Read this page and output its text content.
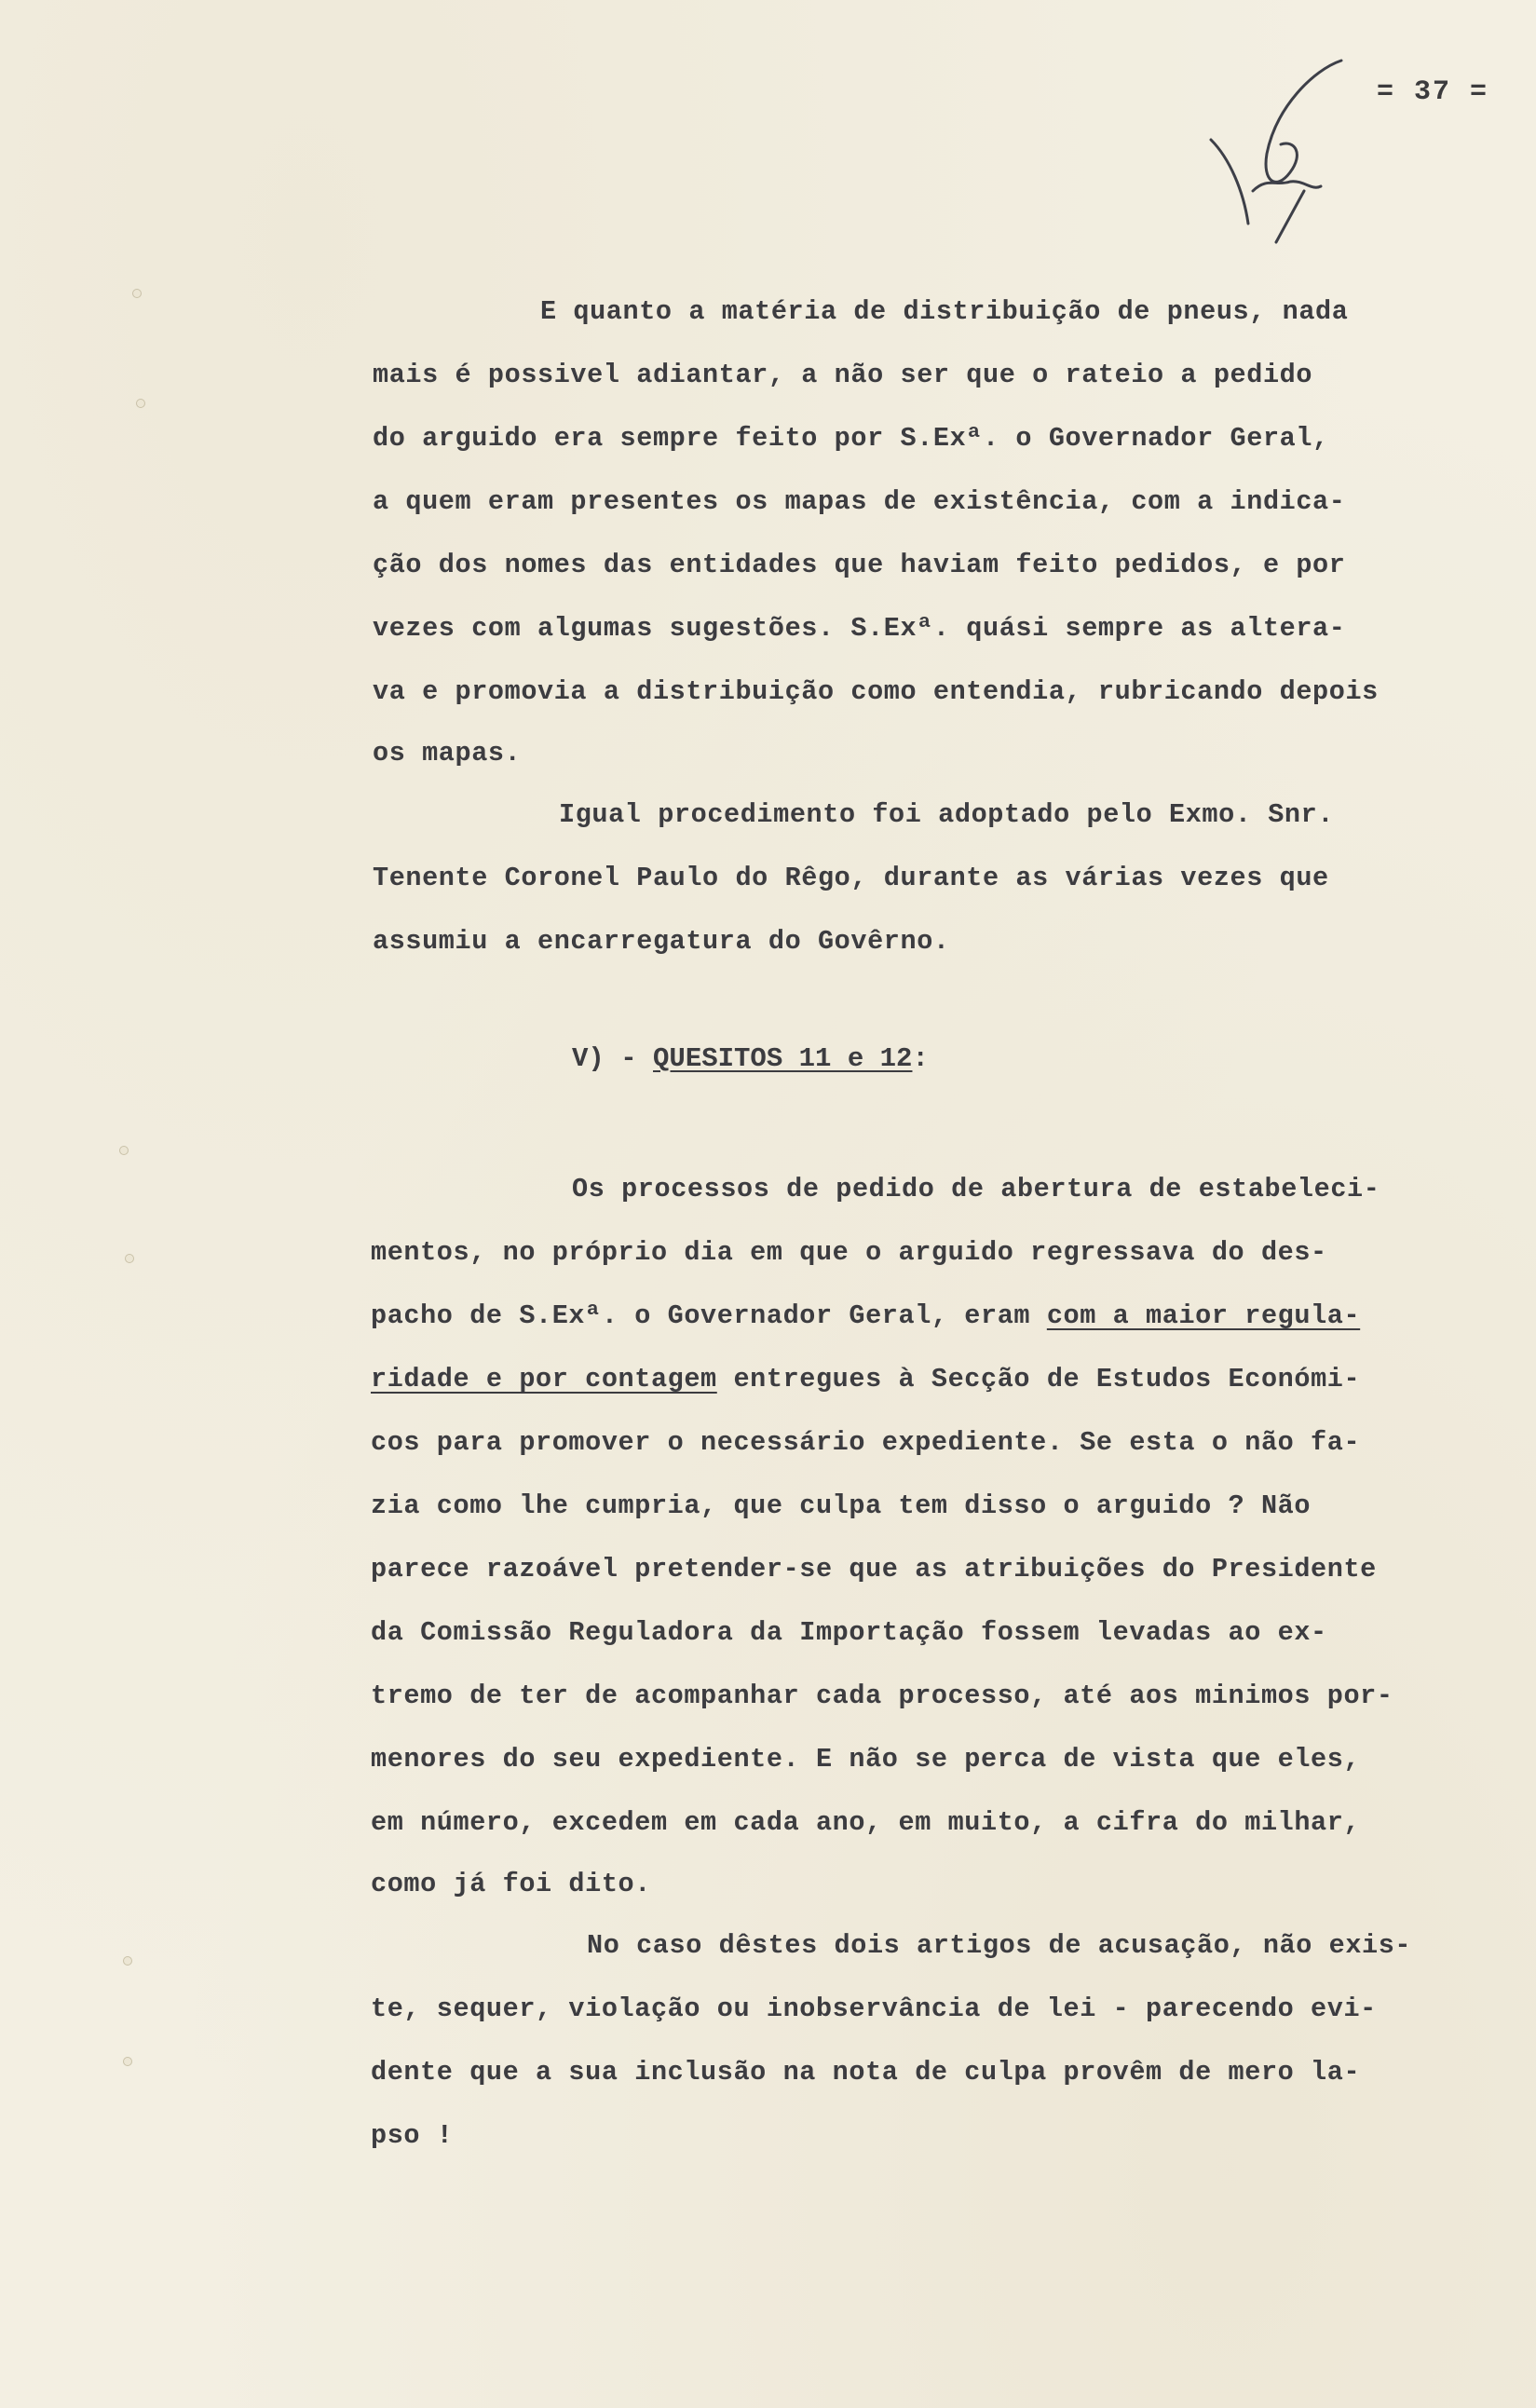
= 37 =
E quanto a matéria de distribuição de pneus, nada
mais é possivel adiantar, a não ser que o rateio a pedido
do arguido era sempre feito por S.Exª. o Governador Geral,
a quem eram presentes os mapas de existência, com a indica-
ção dos nomes das entidades que haviam feito pedidos, e por
vezes com algumas sugestões. S.Exª. quási sempre as altera-
va e promovia a distribuição como entendia, rubricando depois
os mapas.
Igual procedimento foi adoptado pelo Exmo. Snr.
Tenente Coronel Paulo do Rêgo, durante as várias vezes que
assumiu a encarregatura do Govêrno.
V) - QUESITOS 11 e 12:
Os processos de pedido de abertura de estabeleci-
mentos, no próprio dia em que o arguido regressava do des-
pacho de S.Exª. o Governador Geral, eram com a maior regula-
ridade e por contagem entregues à Secção de Estudos Económi-
cos para promover o necessário expediente. Se esta o não fa-
zia como lhe cumpria, que culpa tem disso o arguido ? Não
parece razoável pretender-se que as atribuições do Presidente
da Comissão Reguladora da Importação fossem levadas ao ex-
tremo de ter de acompanhar cada processo, até aos minimos por-
menores do seu expediente. E não se perca de vista que eles,
em número, excedem em cada ano, em muito, a cifra do milhar,
como já foi dito.
No caso dêstes dois artigos de acusação, não exis-
te, sequer, violação ou inobservância de lei - parecendo evi-
dente que a sua inclusão na nota de culpa provêm de mero la-
pso !
